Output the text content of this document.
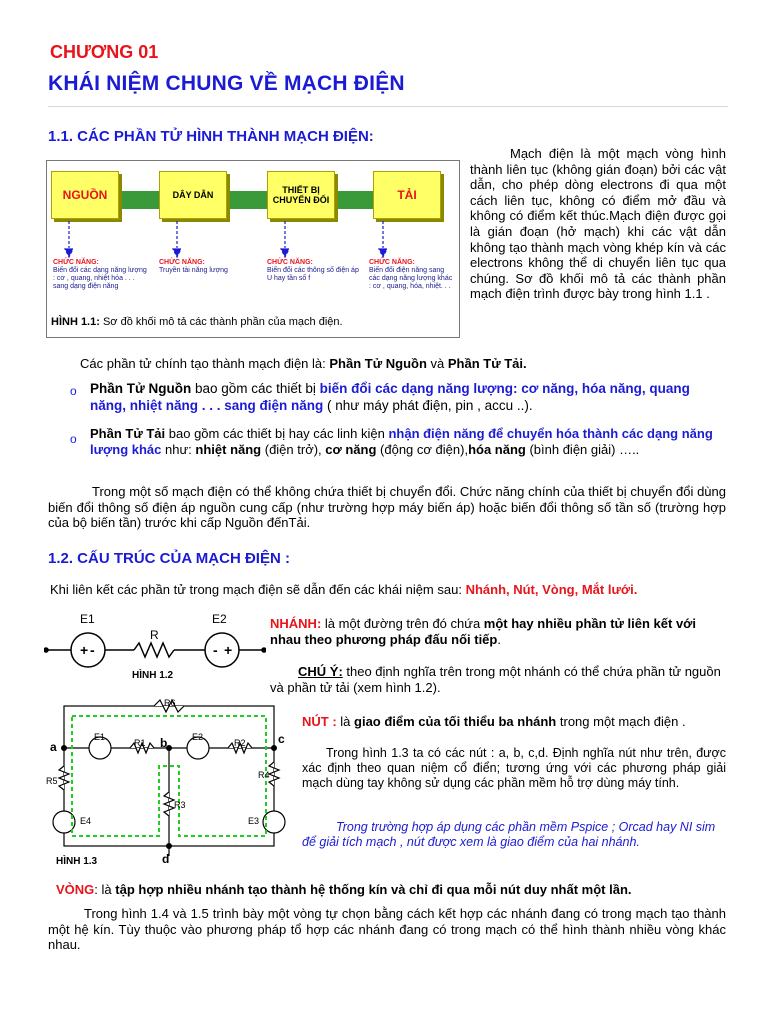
CHƯƠNG 01
KHÁI NIỆM CHUNG VỀ MẠCH ĐIỆN
1.1. CÁC PHẦN TỬ HÌNH THÀNH MẠCH ĐIỆN:
NGUỒN	DÂY DẪN	THIẾT BỊ CHUYỂN ĐỔI	TẢI
CHỨC NĂNG:
Biến đổi các dạng năng lượng : cơ , quang, nhiệt hóa . . . sang dạng điện năng
CHỨC NĂNG:
Truyền tải năng lượng
CHỨC NĂNG:
Biến đổi các thông số điện áp U hay tần số f
CHỨC NĂNG:
Biến đổi điện năng sang các dạng năng lượng khác : cơ , quang, hóa, nhiệt. . .
HÌNH 1.1: Sơ đồ khối mô tả các thành phần của mạch điện.
Mạch điện là một mạch vòng hình thành liên tục (không gián đoạn) bởi các vật dẫn, cho phép dòng electrons đi qua một cách liên tục, không có điểm mở đầu và không có điểm kết thúc.Mạch điện được gọi là gián đoạn (hở mạch) khi các vật dẫn không tạo thành mạch vòng khép kín và các electrons không thể di chuyển liên tục qua chúng. Sơ đồ khối mô tả các thành phần mạch điện trình được bày trong hình 1.1 .
Các phần tử chính tạo thành mạch điện là: Phần Tử Nguồn và Phần Tử Tải.
o Phần Tử Nguồn bao gồm các thiết bị biến đổi các dạng năng lượng: cơ năng, hóa năng, quang năng, nhiệt năng . . . sang điện năng ( như máy phát điện, pin , accu ..).
o Phần Tử Tải bao gồm các thiết bị hay các linh kiện nhận điện năng để chuyển hóa thành các dạng năng lượng khác như: nhiệt năng (điện trở), cơ năng (động cơ điện),hóa năng (bình điện giải) …..
Trong một số mạch điện có thể không chứa thiết bị chuyển đổi. Chức năng chính của thiết bị chuyển đổi dùng biến đổi thông số điện áp nguồn cung cấp (như trường hợp máy biến áp) hoặc biến đổi thông số tần số (trường hợp của bộ biến tần) trước khi cấp Nguồn đếnTải.
1.2. CẤU TRÚC CỦA MẠCH ĐIỆN :
Khi liên kết các phần tử trong mạch điện sẽ dẫn đến các khái niệm sau: Nhánh, Nút, Vòng, Mắt lưới.
+ -	- +
E1
R
E2
HÌNH 1.2
NHÁNH: là một đường trên đó chứa một hay nhiều phần tử liên kết với nhau theo phương pháp đấu nối tiếp.
CHÚ Ý: theo định nghĩa trên trong một nhánh có thể chứa phần tử nguồn và phần tử tải (xem hình 1.2).
R6
E1
R1
E2
R2
R4
R5
R3
E4	E3
a	b	c
d
HÌNH 1.3
NÚT : là giao điểm của tối thiểu ba nhánh trong một mạch điện .
Trong hình 1.3 ta có các nút : a, b, c,d. Định nghĩa nút như trên, được xác định theo quan niệm cổ điển; tương ứng với các phương pháp giải mạch dùng tay không sử dụng các phần mềm hỗ trợ dùng máy tính.
Trong trường hợp áp dụng các phần mềm Pspice ; Orcad hay NI sim để giải tích mạch , nút được xem là giao điểm của hai nhánh.
VÒNG: là tập hợp nhiều nhánh tạo thành hệ thống kín và chỉ đi qua mỗi nút duy nhất một lần.
Trong hình 1.4 và 1.5 trình bày một vòng tự chọn bằng cách kết hợp các nhánh đang có trong mạch tạo thành một hệ kín. Tùy thuộc vào phương pháp tổ hợp các nhánh đang có trong mạch có thể hình thành nhiều vòng khác nhau.
